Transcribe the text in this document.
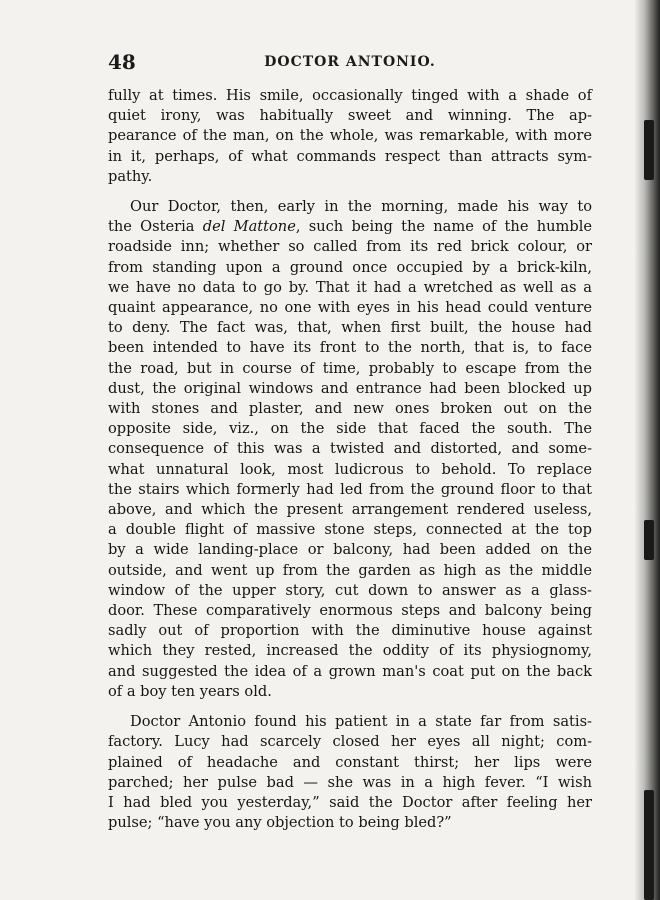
48	DOCTOR ANTONIO.
fully at times. His smile, occasionally tinged with a shade of
quiet irony, was habitually sweet and winning. The ap-
pearance of the man, on the whole, was remarkable, with more
in it, perhaps, of what commands respect than attracts sym-
pathy.
Our Doctor, then, early in the morning, made his way to
the Osteria del Mattone, such being the name of the humble
roadside inn; whether so called from its red brick colour, or
from standing upon a ground once occupied by a brick-kiln,
we have no data to go by. That it had a wretched as well as a
quaint appearance, no one with eyes in his head could venture
to deny. The fact was, that, when first built, the house had
been intended to have its front to the north, that is, to face
the road, but in course of time, probably to escape from the
dust, the original windows and entrance had been blocked up
with stones and plaster, and new ones broken out on the
opposite side, viz., on the side that faced the south. The
consequence of this was a twisted and distorted, and some-
what unnatural look, most ludicrous to behold. To replace
the stairs which formerly had led from the ground floor to that
above, and which the present arrangement rendered useless,
a double flight of massive stone steps, connected at the top
by a wide landing-place or balcony, had been added on the
outside, and went up from the garden as high as the middle
window of the upper story, cut down to answer as a glass-
door. These comparatively enormous steps and balcony being
sadly out of proportion with the diminutive house against
which they rested, increased the oddity of its physiognomy,
and suggested the idea of a grown man's coat put on the back
of a boy ten years old.
Doctor Antonio found his patient in a state far from satis-
factory. Lucy had scarcely closed her eyes all night; com-
plained of headache and constant thirst; her lips were
parched; her pulse bad — she was in a high fever. “I wish
I had bled you yesterday,” said the Doctor after feeling her
pulse; “have you any objection to being bled?”
